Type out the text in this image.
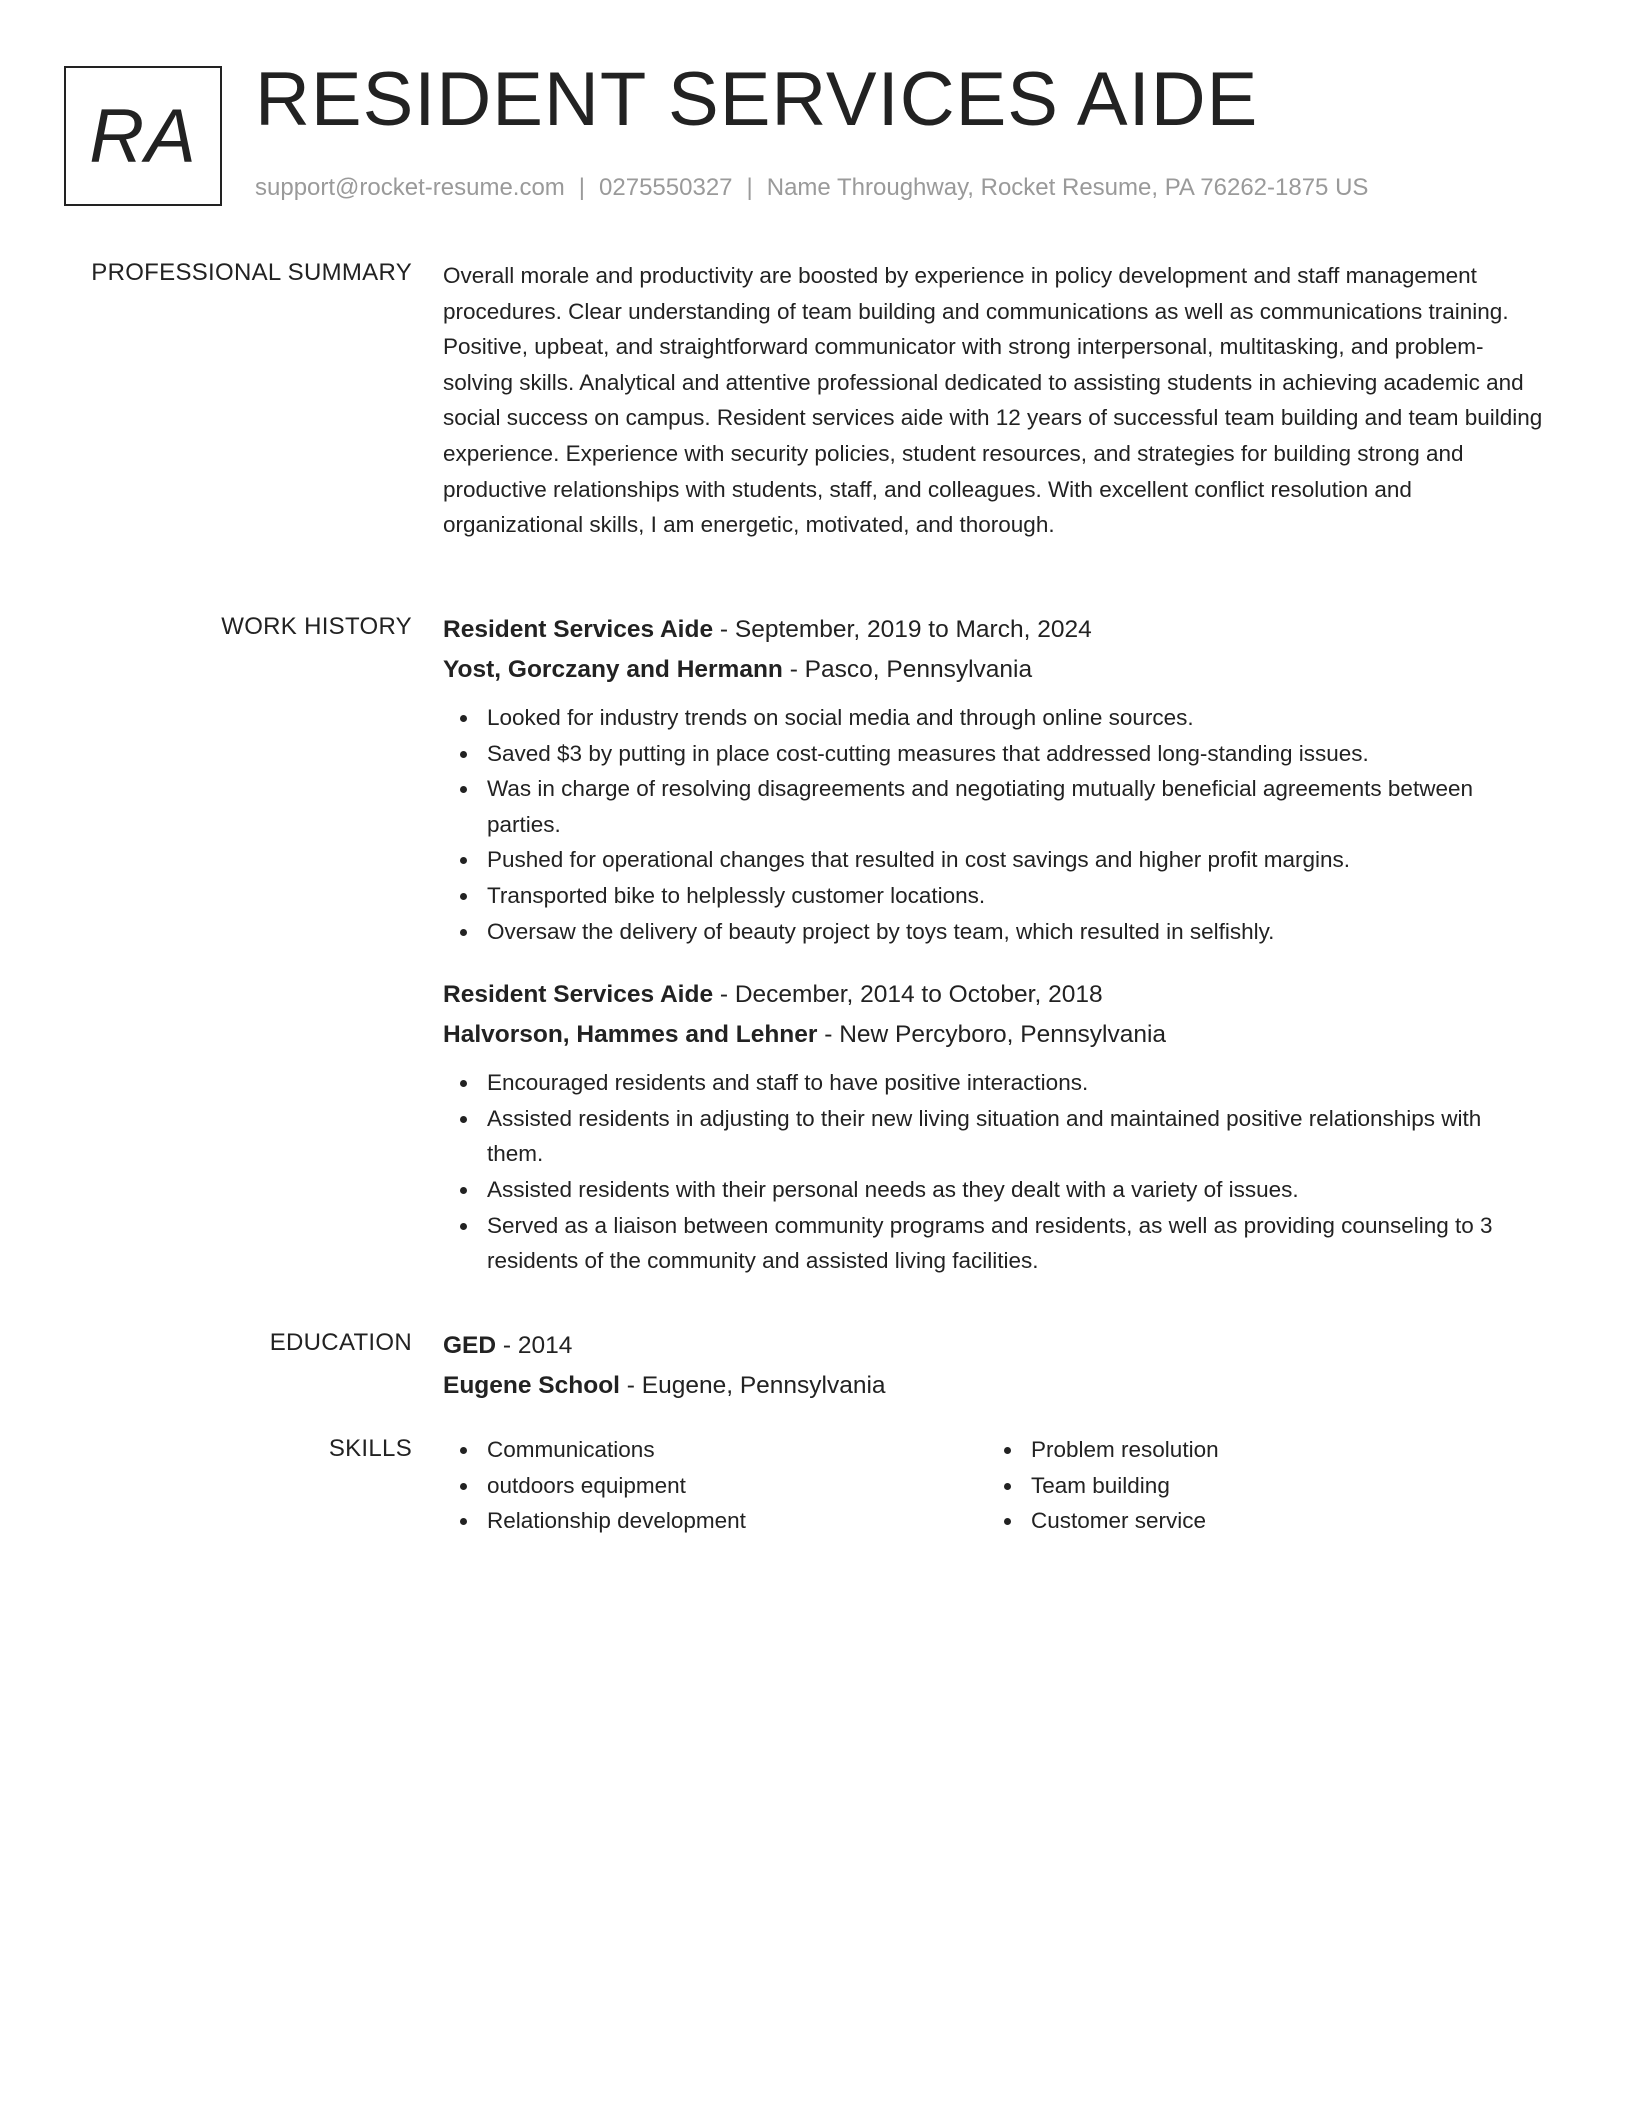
RA RESIDENT SERVICES AIDE
support@rocket-resume.com | 0275550327 | Name Throughway, Rocket Resume, PA 76262-1875 US
PROFESSIONAL SUMMARY Overall morale and productivity are boosted by experience in policy development and staff management procedures. Clear understanding of team building and communications as well as communications training. Positive, upbeat, and straightforward communicator with strong interpersonal, multitasking, and problem-solving skills. Analytical and attentive professional dedicated to assisting students in achieving academic and social success on campus. Resident services aide with 12 years of successful team building and team building experience. Experience with security policies, student resources, and strategies for building strong and productive relationships with students, staff, and colleagues. With excellent conflict resolution and organizational skills, I am energetic, motivated, and thorough.

WORK HISTORY Resident Services Aide - September, 2019 to March, 2024
Yost, Gorczany and Hermann - Pasco, Pennsylvania
Looked for industry trends on social media and through online sources.
Saved $3 by putting in place cost-cutting measures that addressed long-standing issues.
Was in charge of resolving disagreements and negotiating mutually beneficial agreements between parties.
Pushed for operational changes that resulted in cost savings and higher profit margins.
Transported bike to helplessly customer locations.
Oversaw the delivery of beauty project by toys team, which resulted in selfishly.
Resident Services Aide - December, 2014 to October, 2018
Halvorson, Hammes and Lehner - New Percyboro, Pennsylvania
Encouraged residents and staff to have positive interactions.
Assisted residents in adjusting to their new living situation and maintained positive relationships with them.
Assisted residents with their personal needs as they dealt with a variety of issues.
Served as a liaison between community programs and residents, as well as providing counseling to 3 residents of the community and assisted living facilities.
EDUCATION GED - 2014
Eugene School - Eugene, Pennsylvania
SKILLS	Communications
outdoors equipment
Relationship development
Problem resolution
Team building
Customer service
